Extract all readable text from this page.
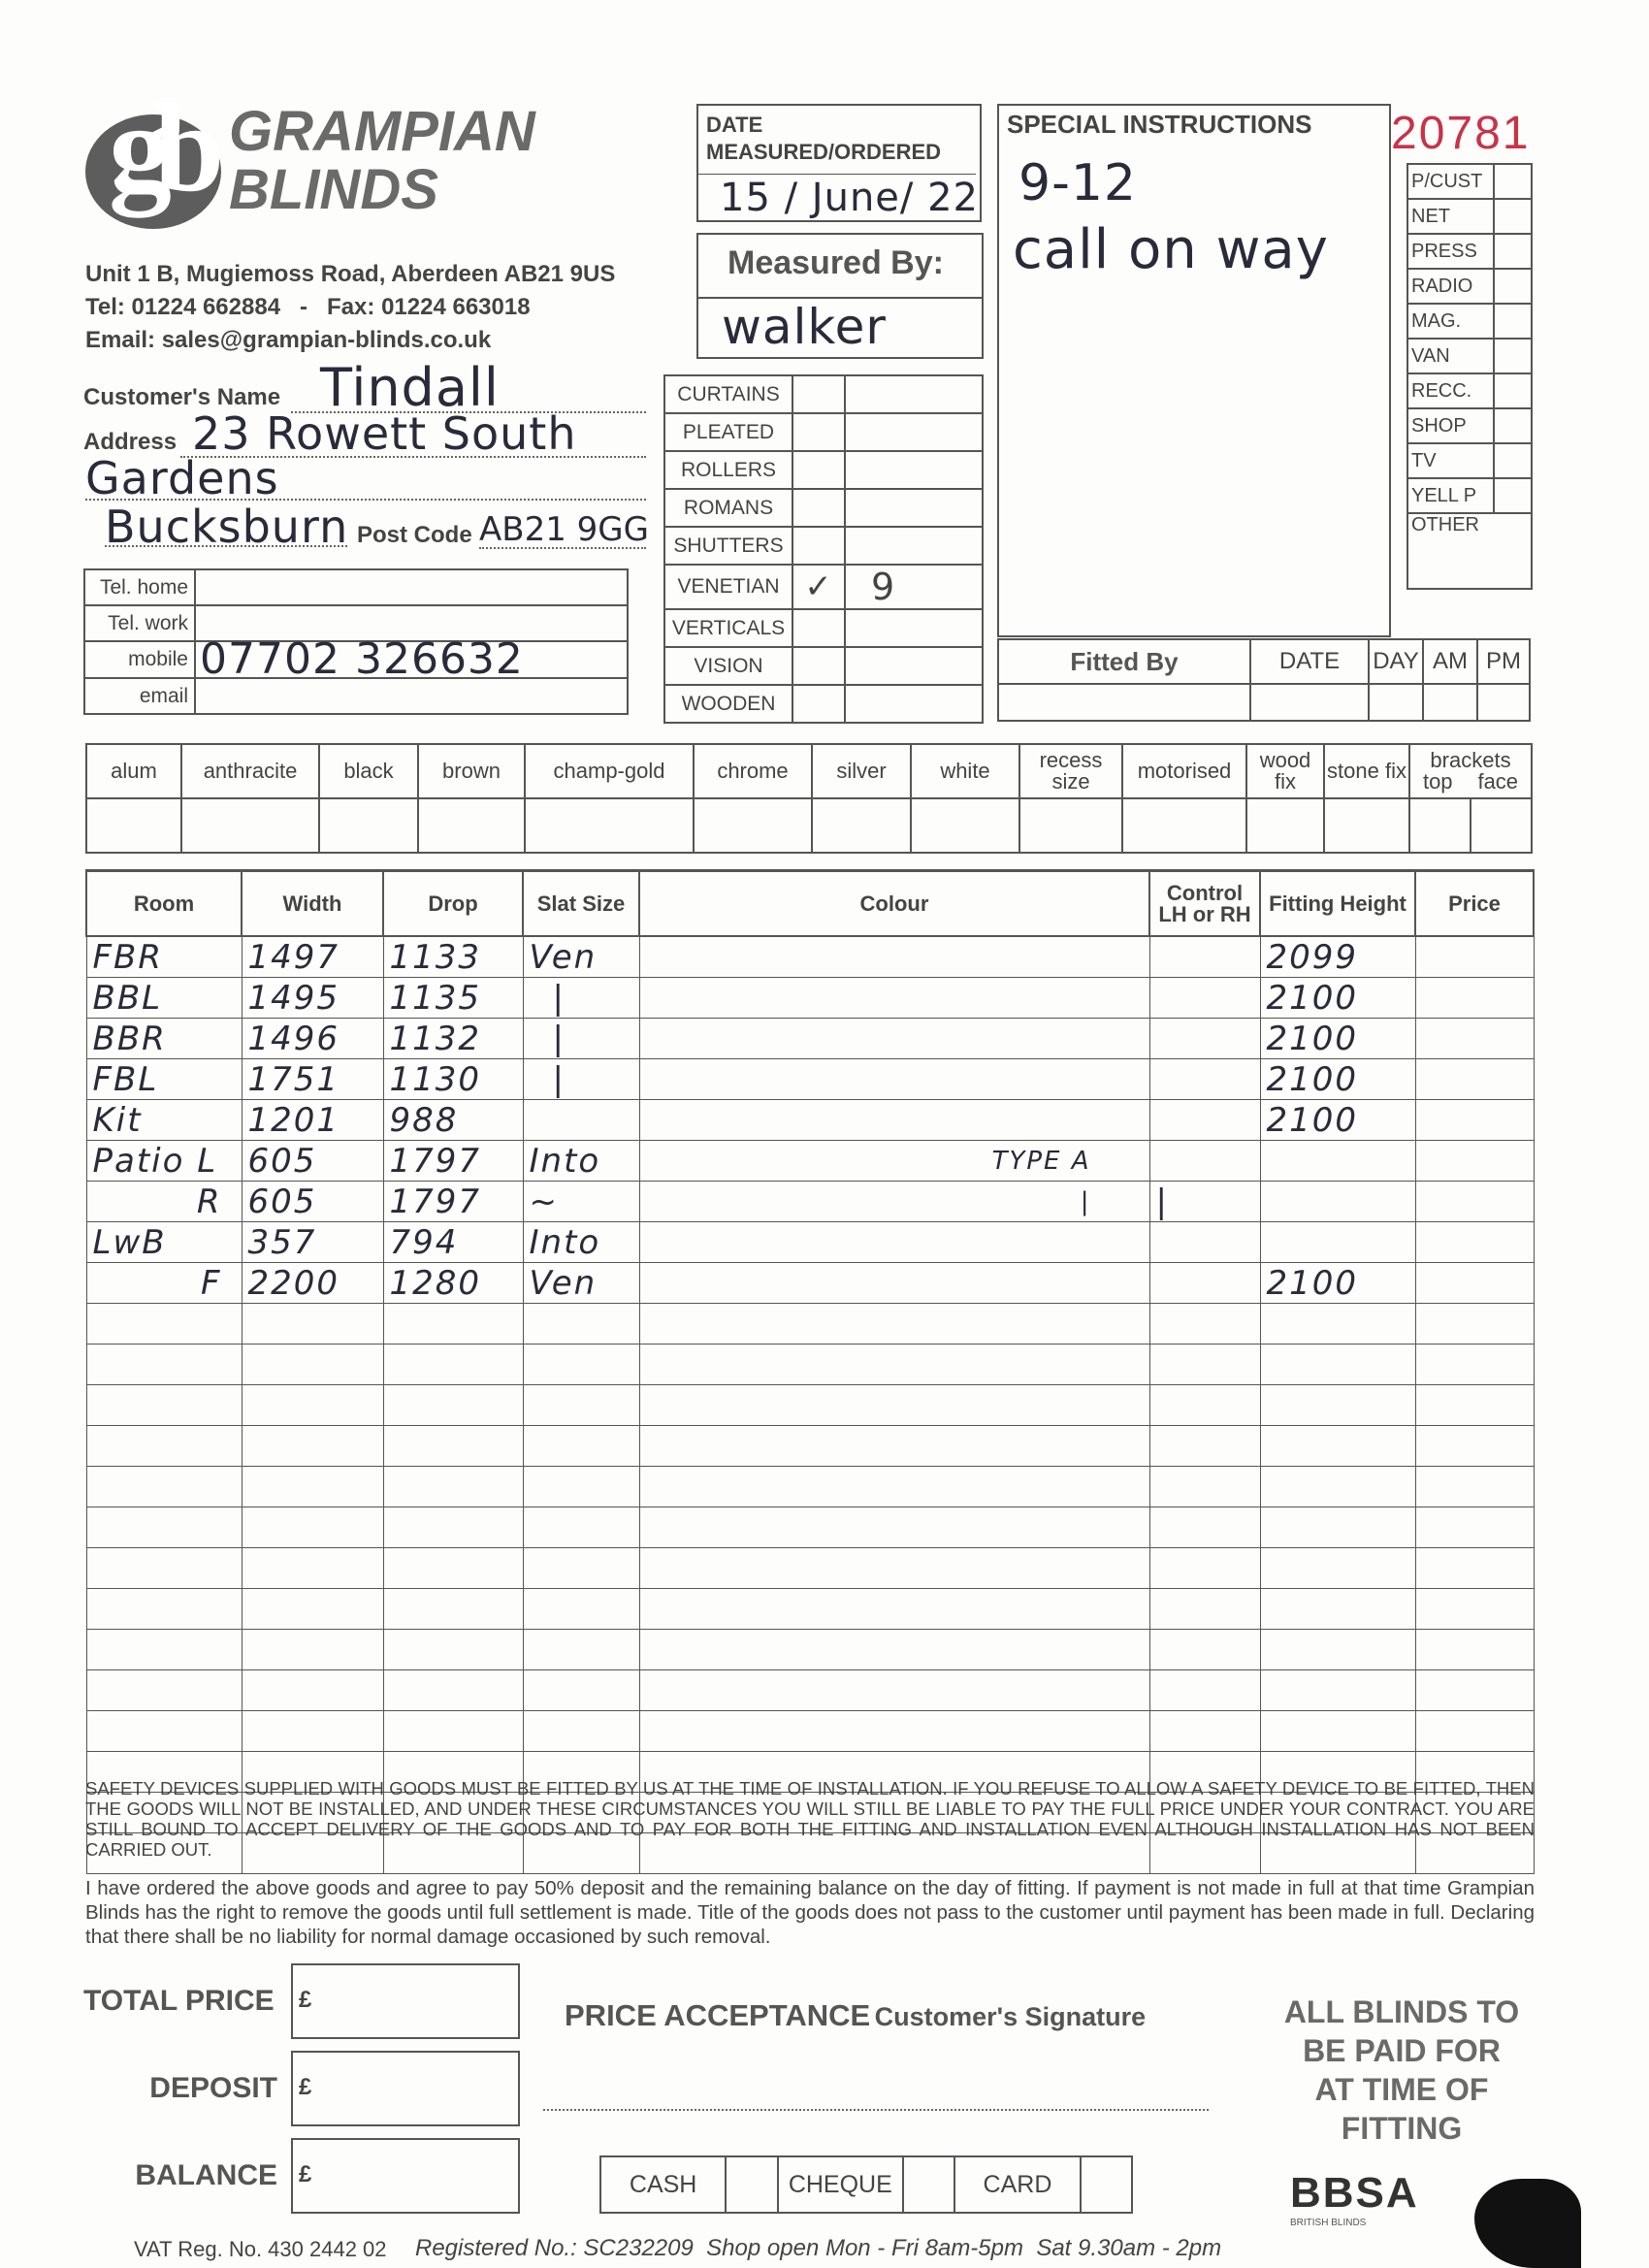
gb GRAMPIAN
BLINDS
Unit 1 B, Mugiemoss Road, Aberdeen AB21 9US
Tel: 01224 662884   -   Fax: 01224 663018
Email: sales@grampian-blinds.co.uk
DATE MEASURED/ORDERED
15 / June/ 22
Measured By:
walker
SPECIAL INSTRUCTIONS
9-12
call on way
20781
P/CUST	
NET	
PRESS	
RADIO	
MAG.	
VAN	
RECC.	
SHOP	
TV	
YELL P	
OTHER	
Customer's Name Tindall
Address 23 Rowett South
Gardens
Bucksburn Post Code AB21 9GG
Tel. home	
Tel. work	
mobile	07702 326632
email	
CURTAINS		
PLEATED		
ROLLERS		
ROMANS		
SHUTTERS		
VENETIAN	✓	9
VERTICALS		
VISION		
WOODEN		
Fitted By	DATE	DAY	AM	PM

alum	anthracite	black	brown	champ-gold	chrome	silver	white	recess size	motorised	wood fix	stone fix	brackets
top face	

Room	Width	Drop	Slat Size	Colour	Control LH or RH	Fitting Height	Price
FBR	1497	1133	Ven			2099	
BBL	1495	1135	|			2100	
BBR	1496	1132	|			2100	
FBL	1751	1130	|			2100	
Kit	1201	988				2100	
Patio L	605	1797	Into	TYPE A			
R	605	1797	~	|	|		
LwB	357	794	Into				
F	2200	1280	Ven			2100	

SAFETY DEVICES SUPPLIED WITH GOODS MUST BE FITTED BY US AT THE TIME OF INSTALLATION. IF YOU REFUSE TO ALLOW A SAFETY DEVICE TO BE FITTED, THEN THE GOODS WILL NOT BE INSTALLED, AND UNDER THESE CIRCUMSTANCES YOU WILL STILL BE LIABLE TO PAY THE FULL PRICE UNDER YOUR CONTRACT. YOU ARE STILL BOUND TO ACCEPT DELIVERY OF THE GOODS AND TO PAY FOR BOTH THE FITTING AND INSTALLATION EVEN ALTHOUGH INSTALLATION HAS NOT BEEN CARRIED OUT.
I have ordered the above goods and agree to pay 50% deposit and the remaining balance on the day of fitting. If payment is not made in full at that time Grampian Blinds has the right to remove the goods until full settlement is made. Title of the goods does not pass to the customer until payment has been made in full. Declaring that there shall be no liability for normal damage occasioned by such removal.
TOTAL PRICE £
DEPOSIT £
BALANCE £
PRICE ACCEPTANCE Customer's Signature
CASH		CHEQUE		CARD	
ALL BLINDS TO
BE PAID FOR
AT TIME OF
FITTING
BBSA
BRITISH BLINDS
VAT Reg. No. 430 2442 02 Registered No.: SC232209  Shop open Mon - Fri 8am-5pm  Sat 9.30am - 2pm
